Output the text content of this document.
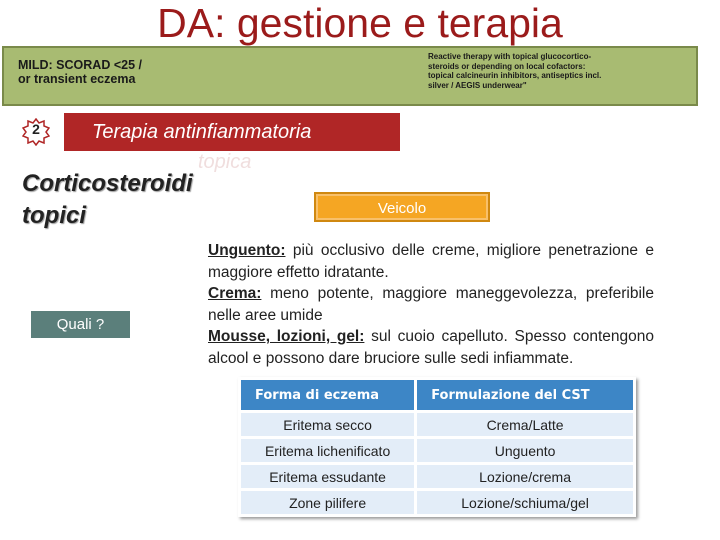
DA: gestione e terapia
MILD: SCORAD <25 /
or transient eczema
Reactive therapy with topical glucocortico-
steroids or depending on local cofactors:
topical calcineurin inhibitors, antiseptics incl.
silver / AEGIS underwear"
2	Terapia antinfiammatoria
topica
Corticosteroidi
topici
Quali ?
Veicolo
Unguento: più occlusivo delle creme, migliore penetrazione e maggiore effetto idratante.
Crema: meno potente, maggiore maneggevolezza, preferibile nelle aree umide
Mousse, lozioni, gel: sul cuoio capelluto. Spesso contengono alcool e possono dare bruciore sulle sedi infiammate.
Forma di eczema	Formulazione del CST
Eritema secco	Crema/Latte
Eritema lichenificato	Unguento
Eritema essudante	Lozione/crema
Zone pilifere	Lozione/schiuma/gel
